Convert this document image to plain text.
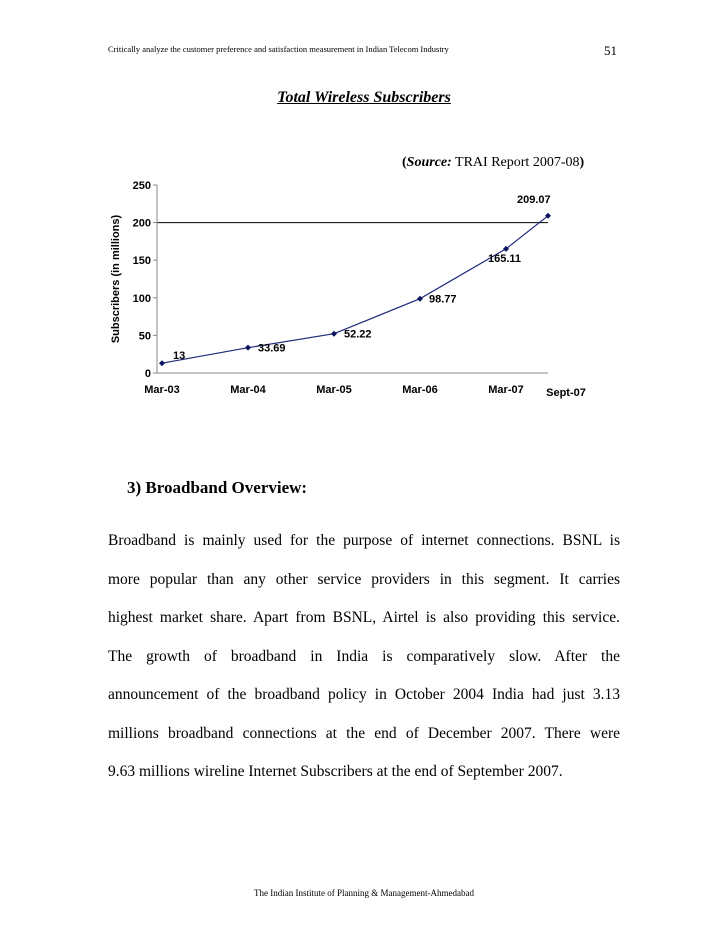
Critically analyze the customer preference and satisfaction measurement in Indian Telecom Industry	51
Total Wireless Subscribers
(Source: TRAI Report 2007-08)
Subscribers (in millions)
0
50
100
150
200
250
Mar-03	Mar-04	Mar-05	Mar-06	Mar-07 Sept-07
13
33.69
52.22
98.77
165.11
209.07
3) Broadband Overview:
Broadband is mainly used for the purpose of internet connections. BSNL is
more popular than any other service providers in this segment. It carries
highest market share. Apart from BSNL, Airtel is also providing this service.
The growth of broadband in India is comparatively slow. After the
announcement of the broadband policy in October 2004 India had just 3.13
millions broadband connections at the end of December 2007. There were
9.63 millions wireline Internet Subscribers at the end of September 2007.
The Indian Institute of Planning & Management-Ahmedabad
